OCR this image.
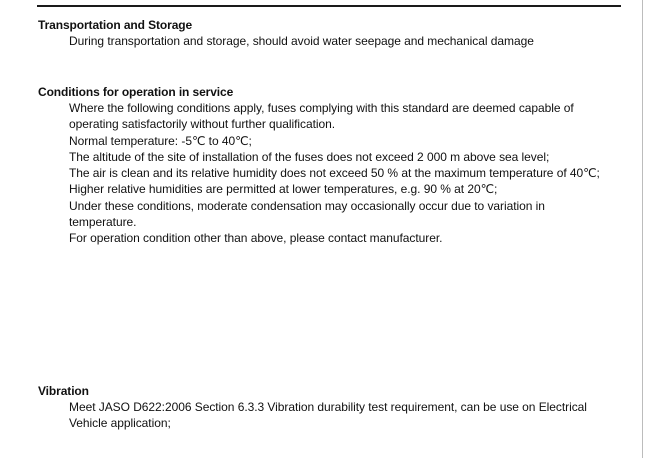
Transportation and Storage

During transportation and storage, should avoid water seepage and mechanical damage

Conditions for operation in service

Where the following conditions apply, fuses complying with this standard are deemed capable of

operating satisfactorily without further qualification.

Normal temperature: -5℃ to 40℃;

The altitude of the site of installation of the fuses does not exceed 2 000 m above sea level;

The air is clean and its relative humidity does not exceed 50 % at the maximum temperature of 40℃;

Higher relative humidities are permitted at lower temperatures, e.g. 90 % at 20℃;

Under these conditions, moderate condensation may occasionally occur due to variation in

temperature.

For operation condition other than above, please contact manufacturer.

Vibration

Meet JASO D622:2006 Section 6.3.3 Vibration durability test requirement, can be use on Electrical

Vehicle application;
